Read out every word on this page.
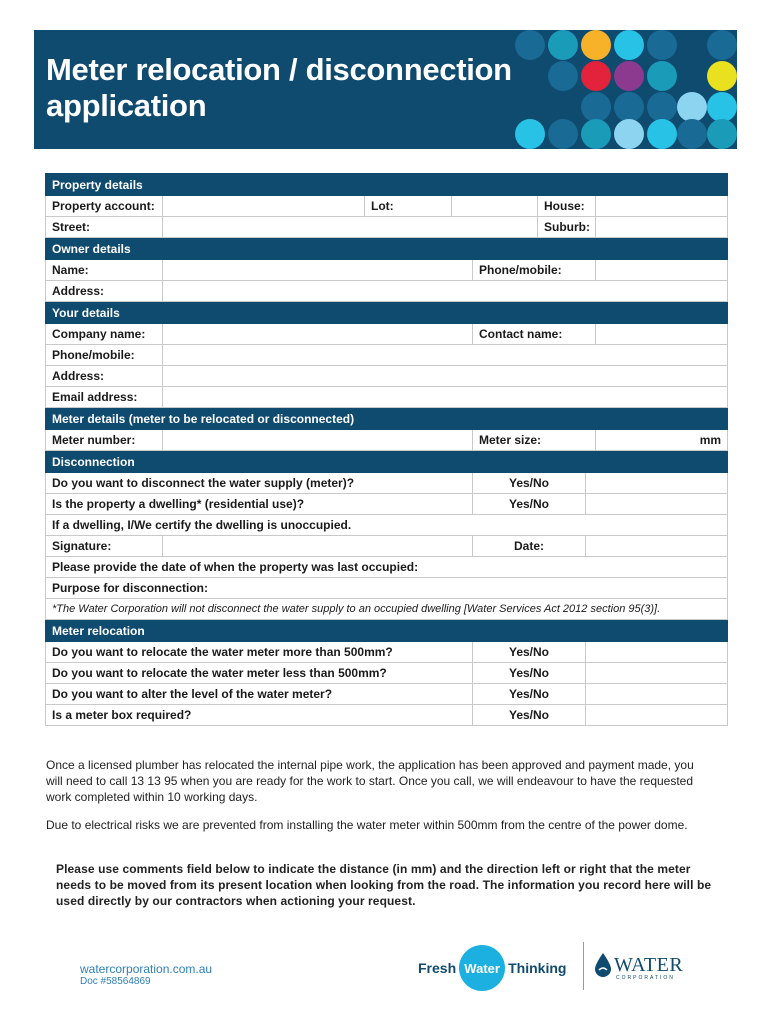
Meter relocation / disconnection
application
Property details							
Property account:		Lot:			House:		
Street:					Suburb:		
Owner details							
Name:				Phone/mobile:			
Address:							
Your details							
Company name:				Contact name:			
Phone/mobile:							
Address:							
Email address:							
Meter details (meter to be relocated or disconnected)							
Meter number:				Meter size:			mm
Disconnection							
Do you want to disconnect the water supply (meter)?				Yes/No			
Is the property a dwelling* (residential use)?				Yes/No			
If a dwelling, I/We certify the dwelling is unoccupied.							
Signature:				Date:			
Please provide the date of when the property was last occupied:							
Purpose for disconnection:							
*The Water Corporation will not disconnect the water supply to an occupied dwelling [Water Services Act 2012 section 95(3)].							
Meter relocation							
Do you want to relocate the water meter more than 500mm?				Yes/No			
Do you want to relocate the water meter less than 500mm?				Yes/No			
Do you want to alter the level of the water meter?				Yes/No			
Is a meter box required?				Yes/No			

Once a licensed plumber has relocated the internal pipe work, the application has been approved and payment made, you will need to call 13 13 95 when you are ready for the work to start. Once you call, we will endeavour to have the requested work completed within 10 working days.

Due to electrical risks we are prevented from installing the water meter within 500mm from the centre of the power dome.

Please use comments field below to indicate the distance (in mm) and the direction left or right that the meter needs to be moved from its present location when looking from the road. The information you record here will be used directly by our contractors when actioning your request.

watercorporation.com.au
Doc #58564869
Fresh Water Thinking WATER
CORPORATION
